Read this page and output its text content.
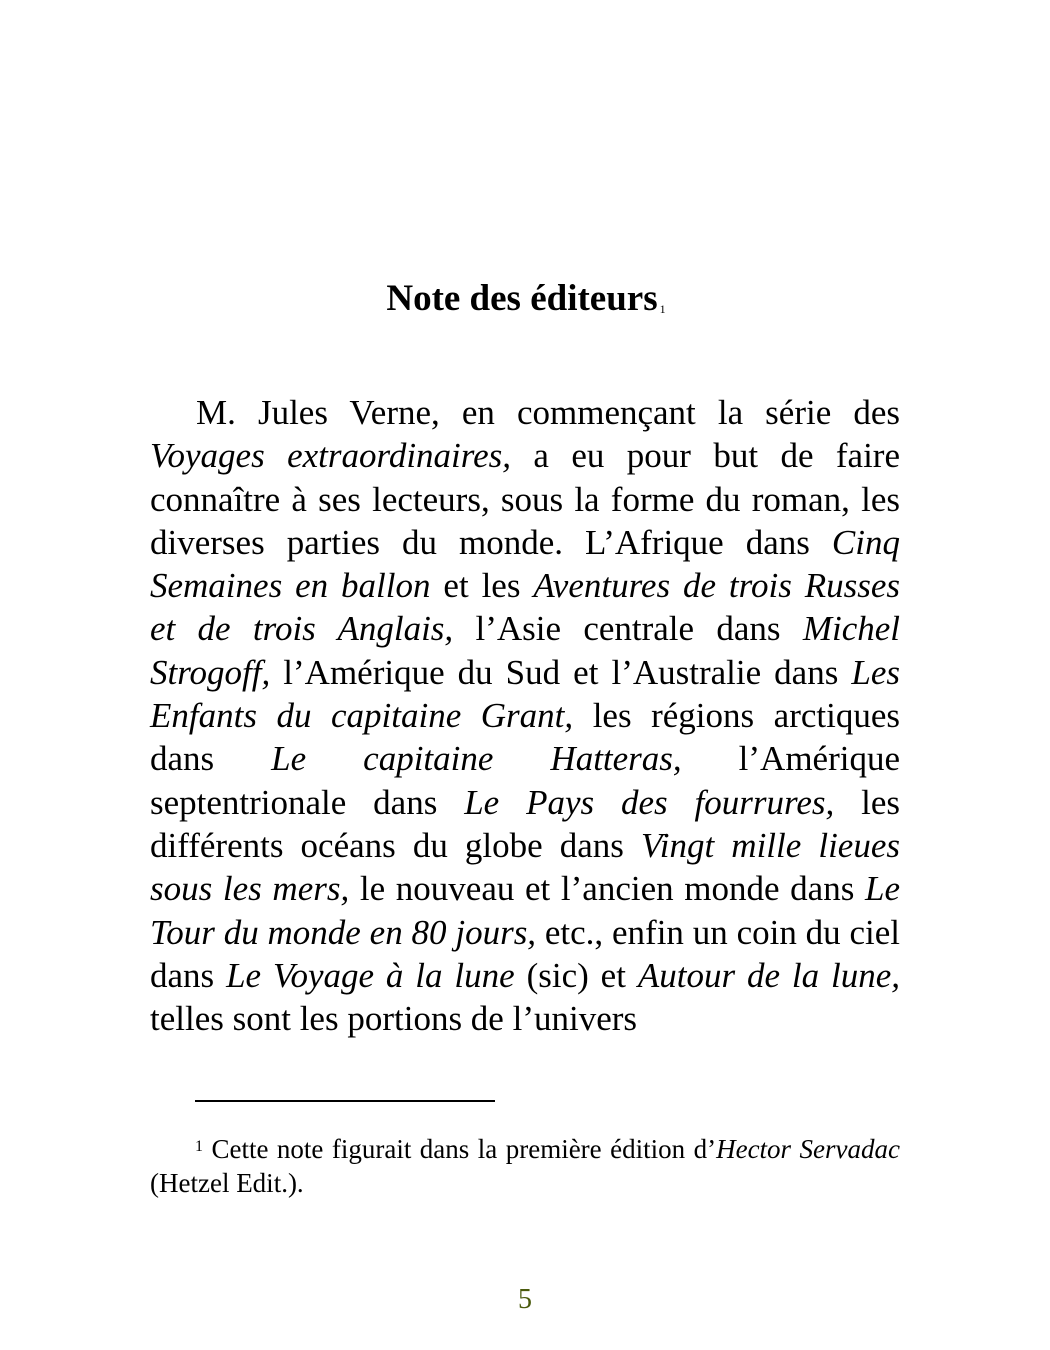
Note des éditeurs $^1$

M. Jules Verne, en commençant la série des Voyages extraordinaires, a eu pour but de faire connaître à ses lecteurs, sous la forme du roman, les diverses parties du monde. L’Afrique dans Cinq Semaines en ballon et les Aventures de trois Russes et de trois Anglais, l’Asie centrale dans Michel Strogoff, l’Amérique du Sud et l’Australie dans Les Enfants du capitaine Grant, les régions arctiques dans Le capitaine Hatteras, l’Amérique septentrionale dans Le Pays des fourrures, les différents océans du globe dans Vingt mille lieues sous les mers, le nouveau et l’ancien monde dans Le Tour du monde en 80 jours, etc., enfin un coin du ciel dans Le Voyage à la lune (sic) et Autour de la lune, telles sont les portions de l’univers

$^1$ Cette note figurait dans la première édition d’Hector Servadac (Hetzel Edit.).

5
